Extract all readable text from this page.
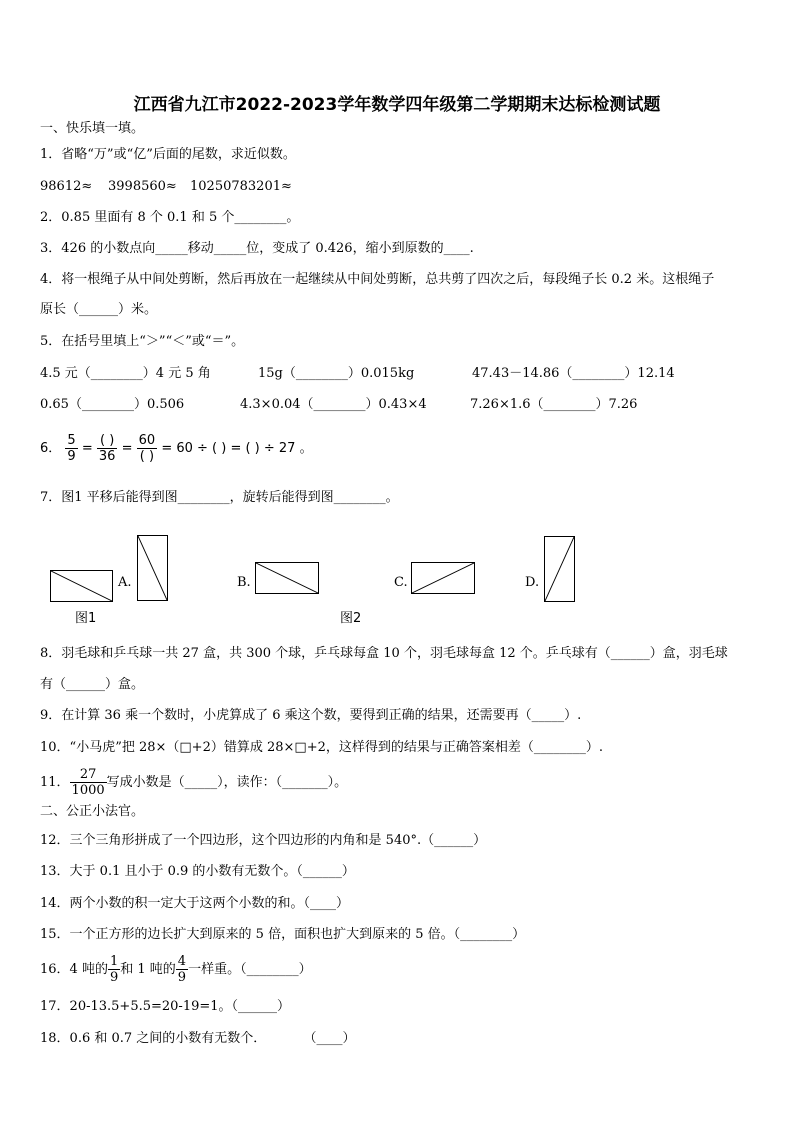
江西省九江市2022-2023学年数学四年级第二学期期末达标检测试题
一、快乐填一填。
1．省略“万”或“亿”后面的尾数，求近似数。
98612≈ 3998560≈ 10250783201≈
2．0.85 里面有 8 个 0.1 和 5 个________。
3．426 的小数点向_____移动_____位，变成了 0.426，缩小到原数的____.
4．将一根绳子从中间处剪断，然后再放在一起继续从中间处剪断，总共剪了四次之后，每段绳子长 0.2 米。这根绳子
原长（______）米。
5．在括号里填上“＞”“＜”或“＝”。
4.5 元（________）4 元 5 角	15g（________）0.015kg	47.43－14.86（________）12.14
0.65（________）0.506	4.3×0.04（________）0.43×4	7.26×1.6（________）7.26
6． $\frac{5}{9} = \frac{( )}{36} = \frac{60}{( )} = 60$ ÷ ( ) = ( ) ÷ 27 。
7．图1 平移后能得到图________，旋转后能得到图________。
A.	B.	C.	D.
图1	图2
8．羽毛球和乒乓球一共 27 盒，共 300 个球，乒乓球每盒 10 个，羽毛球每盒 12 个。乒乓球有（______）盒，羽毛球
有（______）盒。
9．在计算 36 乘一个数时，小虎算成了 6 乘这个数，要得到正确的结果，还需要再（_____）.
10．“小马虎”把 28×（□+2）错算成 28×□+2，这样得到的结果与正确答案相差（________）.
11． $\frac{27}{1000}$ 写成小数是（_____），读作：（_______）。
二、公正小法官。
12．三个三角形拼成了一个四边形，这个四边形的内角和是 540°.（______）
13．大于 0.1 且小于 0.9 的小数有无数个。（______）
14．两个小数的积一定大于这两个小数的和。（____）
15．一个正方形的边长扩大到原来的 5 倍，面积也扩大到原来的 5 倍。（________）
16．4 吨的 $\frac{1}{9}$ 和 1 吨的 $\frac{4}{9}$ 一样重。（________）
17．20-13.5+5.5=20-19=1。（______）
18．0.6 和 0.7 之间的小数有无数个．         （____）
